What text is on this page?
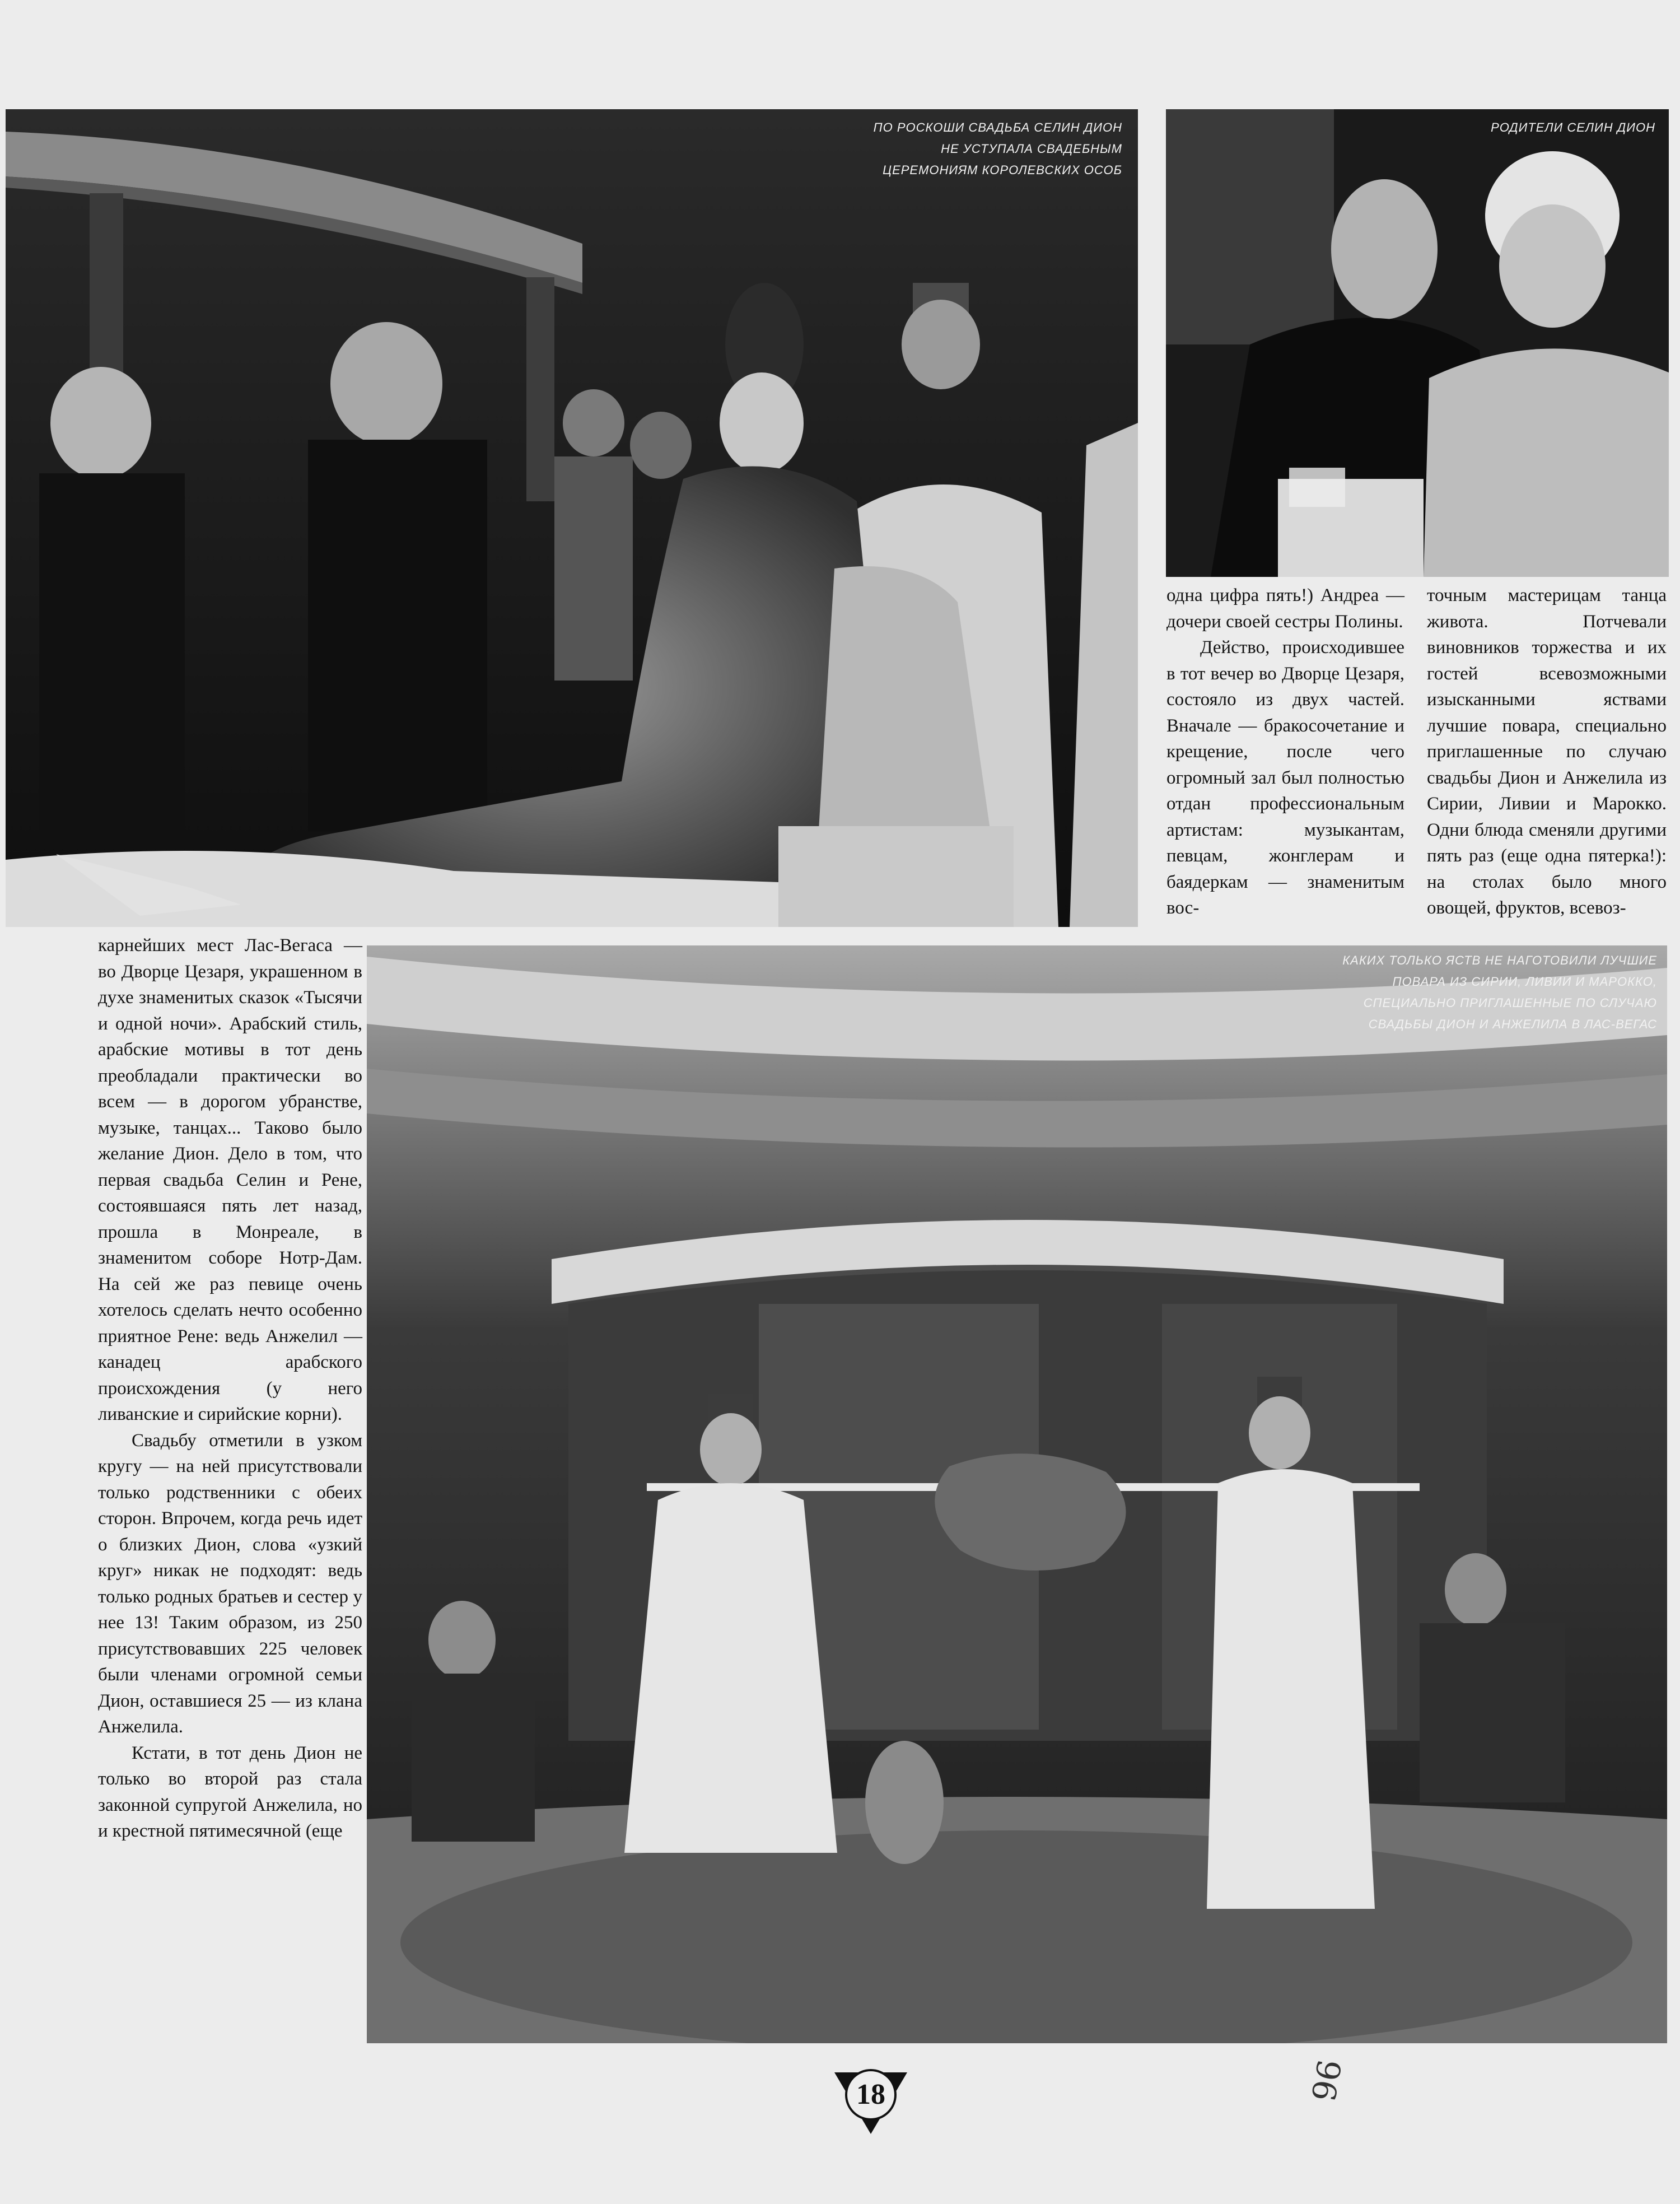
ПО РОСКОШИ СВАДЬБА СЕЛИН ДИОН
НЕ УСТУПАЛА СВАДЕБНЫМ
ЦЕРЕМОНИЯМ КОРОЛЕВСКИХ ОСОБ
РОДИТЕЛИ СЕЛИН ДИОН

одна цифра пять!) Андреа — дочери своей сестры Полины.

Действо, происходившее в тот вечер во Дворце Цезаря, состояло из двух частей. Вначале — бракосочетание и крещение, после чего огромный зал был полностью отдан профессиональным артистам: музыкантам, певцам, жонглерам и баядеркам — знаменитым вос-

точным мастерицам танца живота. Потчевали виновников торжества и их гостей всевозможными изысканными яствами лучшие повара, специально приглашенные по случаю свадьбы Дион и Анжелила из Сирии, Ливии и Марокко. Одни блюда сменяли другими пять раз (еще одна пятерка!): на столах было много овощей, фруктов, всевоз-

карнейших мест Лас-Вегаса — во Дворце Цезаря, украшенном в духе знаменитых сказок «Тысячи и одной ночи». Арабский стиль, арабские мотивы в тот день преобладали практически во всем — в дорогом убранстве, музыке, танцах... Таково было желание Дион. Дело в том, что первая свадьба Селин и Рене, состоявшаяся пять лет назад, прошла в Монреале, в знаменитом соборе Нотр-Дам. На сей же раз певице очень хотелось сделать нечто особенно приятное Рене: ведь Анжелил — канадец арабского происхождения (у него ливанские и сирийские корни).

Свадьбу отметили в узком кругу — на ней присутствовали только родственники с обеих сторон. Впрочем, когда речь идет о близких Дион, слова «узкий круг» никак не подходят: ведь только родных братьев и сестер у нее 13! Таким образом, из 250 присутствовавших 225 человек были членами огромной семьи Дион, оставшиеся 25 — из клана Анжелила.

Кстати, в тот день Дион не только во второй раз стала законной супругой Анжелила, но и крестной пятимесячной (еще

КАКИХ ТОЛЬКО ЯСТВ НЕ НАГОТОВИЛИ ЛУЧШИЕ
ПОВАРА ИЗ СИРИИ, ЛИВИИ И МАРОККО,
СПЕЦИАЛЬНО ПРИГЛАШЕННЫЕ ПО СЛУЧАЮ
СВАДЬБЫ ДИОН И АНЖЕЛИЛА В ЛАС-ВЕГАС
18	96
